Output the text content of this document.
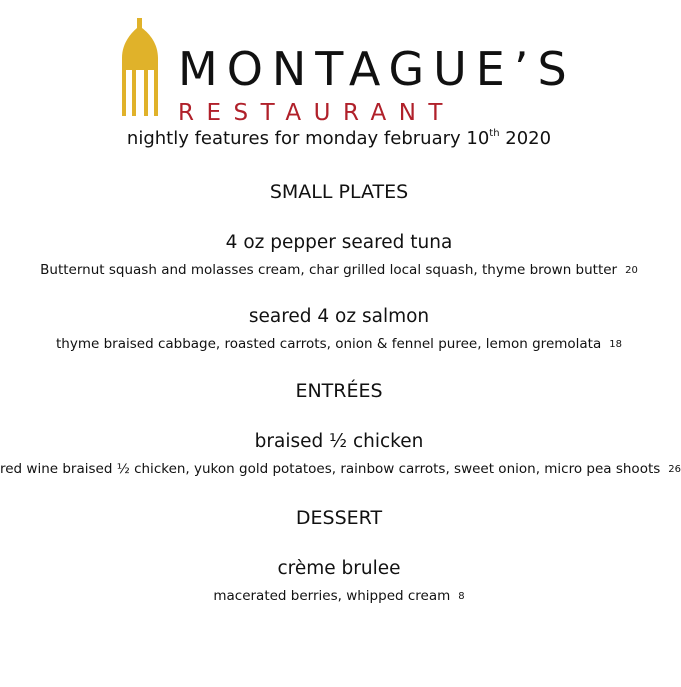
MONTAGUE’S
RESTAURANT
nightly features for monday february 10th 2020
SMALL PLATES
4 oz pepper seared tuna
Butternut squash and molasses cream, char grilled local squash, thyme brown butter 20
seared 4 oz salmon
thyme braised cabbage, roasted carrots, onion & fennel puree, lemon gremolata 18
ENTRÉES
braised ½ chicken
red wine braised ½ chicken, yukon gold potatoes, rainbow carrots, sweet onion, micro pea shoots 26
DESSERT
crème brulee
macerated berries, whipped cream 8
